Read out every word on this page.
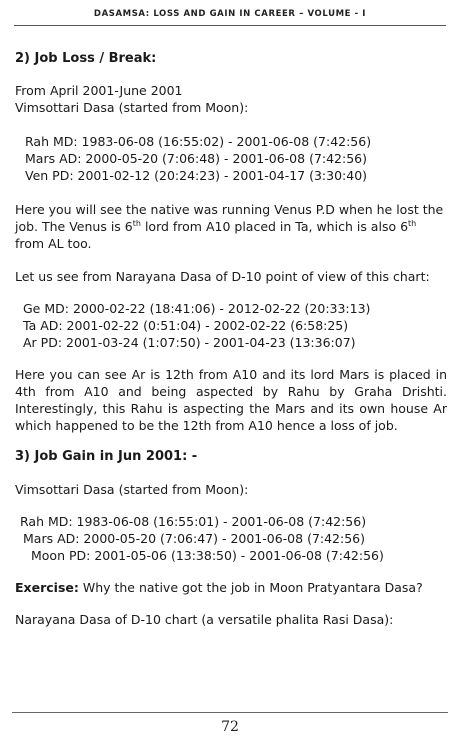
DASAMSA: LOSS AND GAIN IN CAREER – VOLUME - I

2) Job Loss / Break:

From April 2001-June 2001
Vimsottari Dasa (started from Moon):

Rah MD: 1983-06-08 (16:55:02) - 2001-06-08 (7:42:56)
Mars AD: 2000-05-20 (7:06:48) - 2001-06-08 (7:42:56)
Ven PD: 2001-02-12 (20:24:23) - 2001-04-17 (3:30:40)

Here you will see the native was running Venus P.D when he lost the job. The Venus is 6th lord from A10 placed in Ta, which is also 6th from AL too.

Let us see from Narayana Dasa of D-10 point of view of this chart:

Ge MD: 2000-02-22 (18:41:06) - 2012-02-22 (20:33:13)
Ta AD: 2001-02-22 (0:51:04) - 2002-02-22 (6:58:25)
Ar PD: 2001-03-24 (1:07:50) - 2001-04-23 (13:36:07)

Here you can see Ar is 12th from A10 and its lord Mars is placed in 4th from A10 and being aspected by Rahu by Graha Drishti. Interestingly, this Rahu is aspecting the Mars and its own house Ar which happened to be the 12th from A10 hence a loss of job.

3) Job Gain in Jun 2001: -

Vimsottari Dasa (started from Moon):

Rah MD: 1983-06-08 (16:55:01) - 2001-06-08 (7:42:56)
Mars AD: 2000-05-20 (7:06:47) - 2001-06-08 (7:42:56)
Moon PD: 2001-05-06 (13:38:50) - 2001-06-08 (7:42:56)

Exercise: Why the native got the job in Moon Pratyantara Dasa?

Narayana Dasa of D-10 chart (a versatile phalita Rasi Dasa):

72
